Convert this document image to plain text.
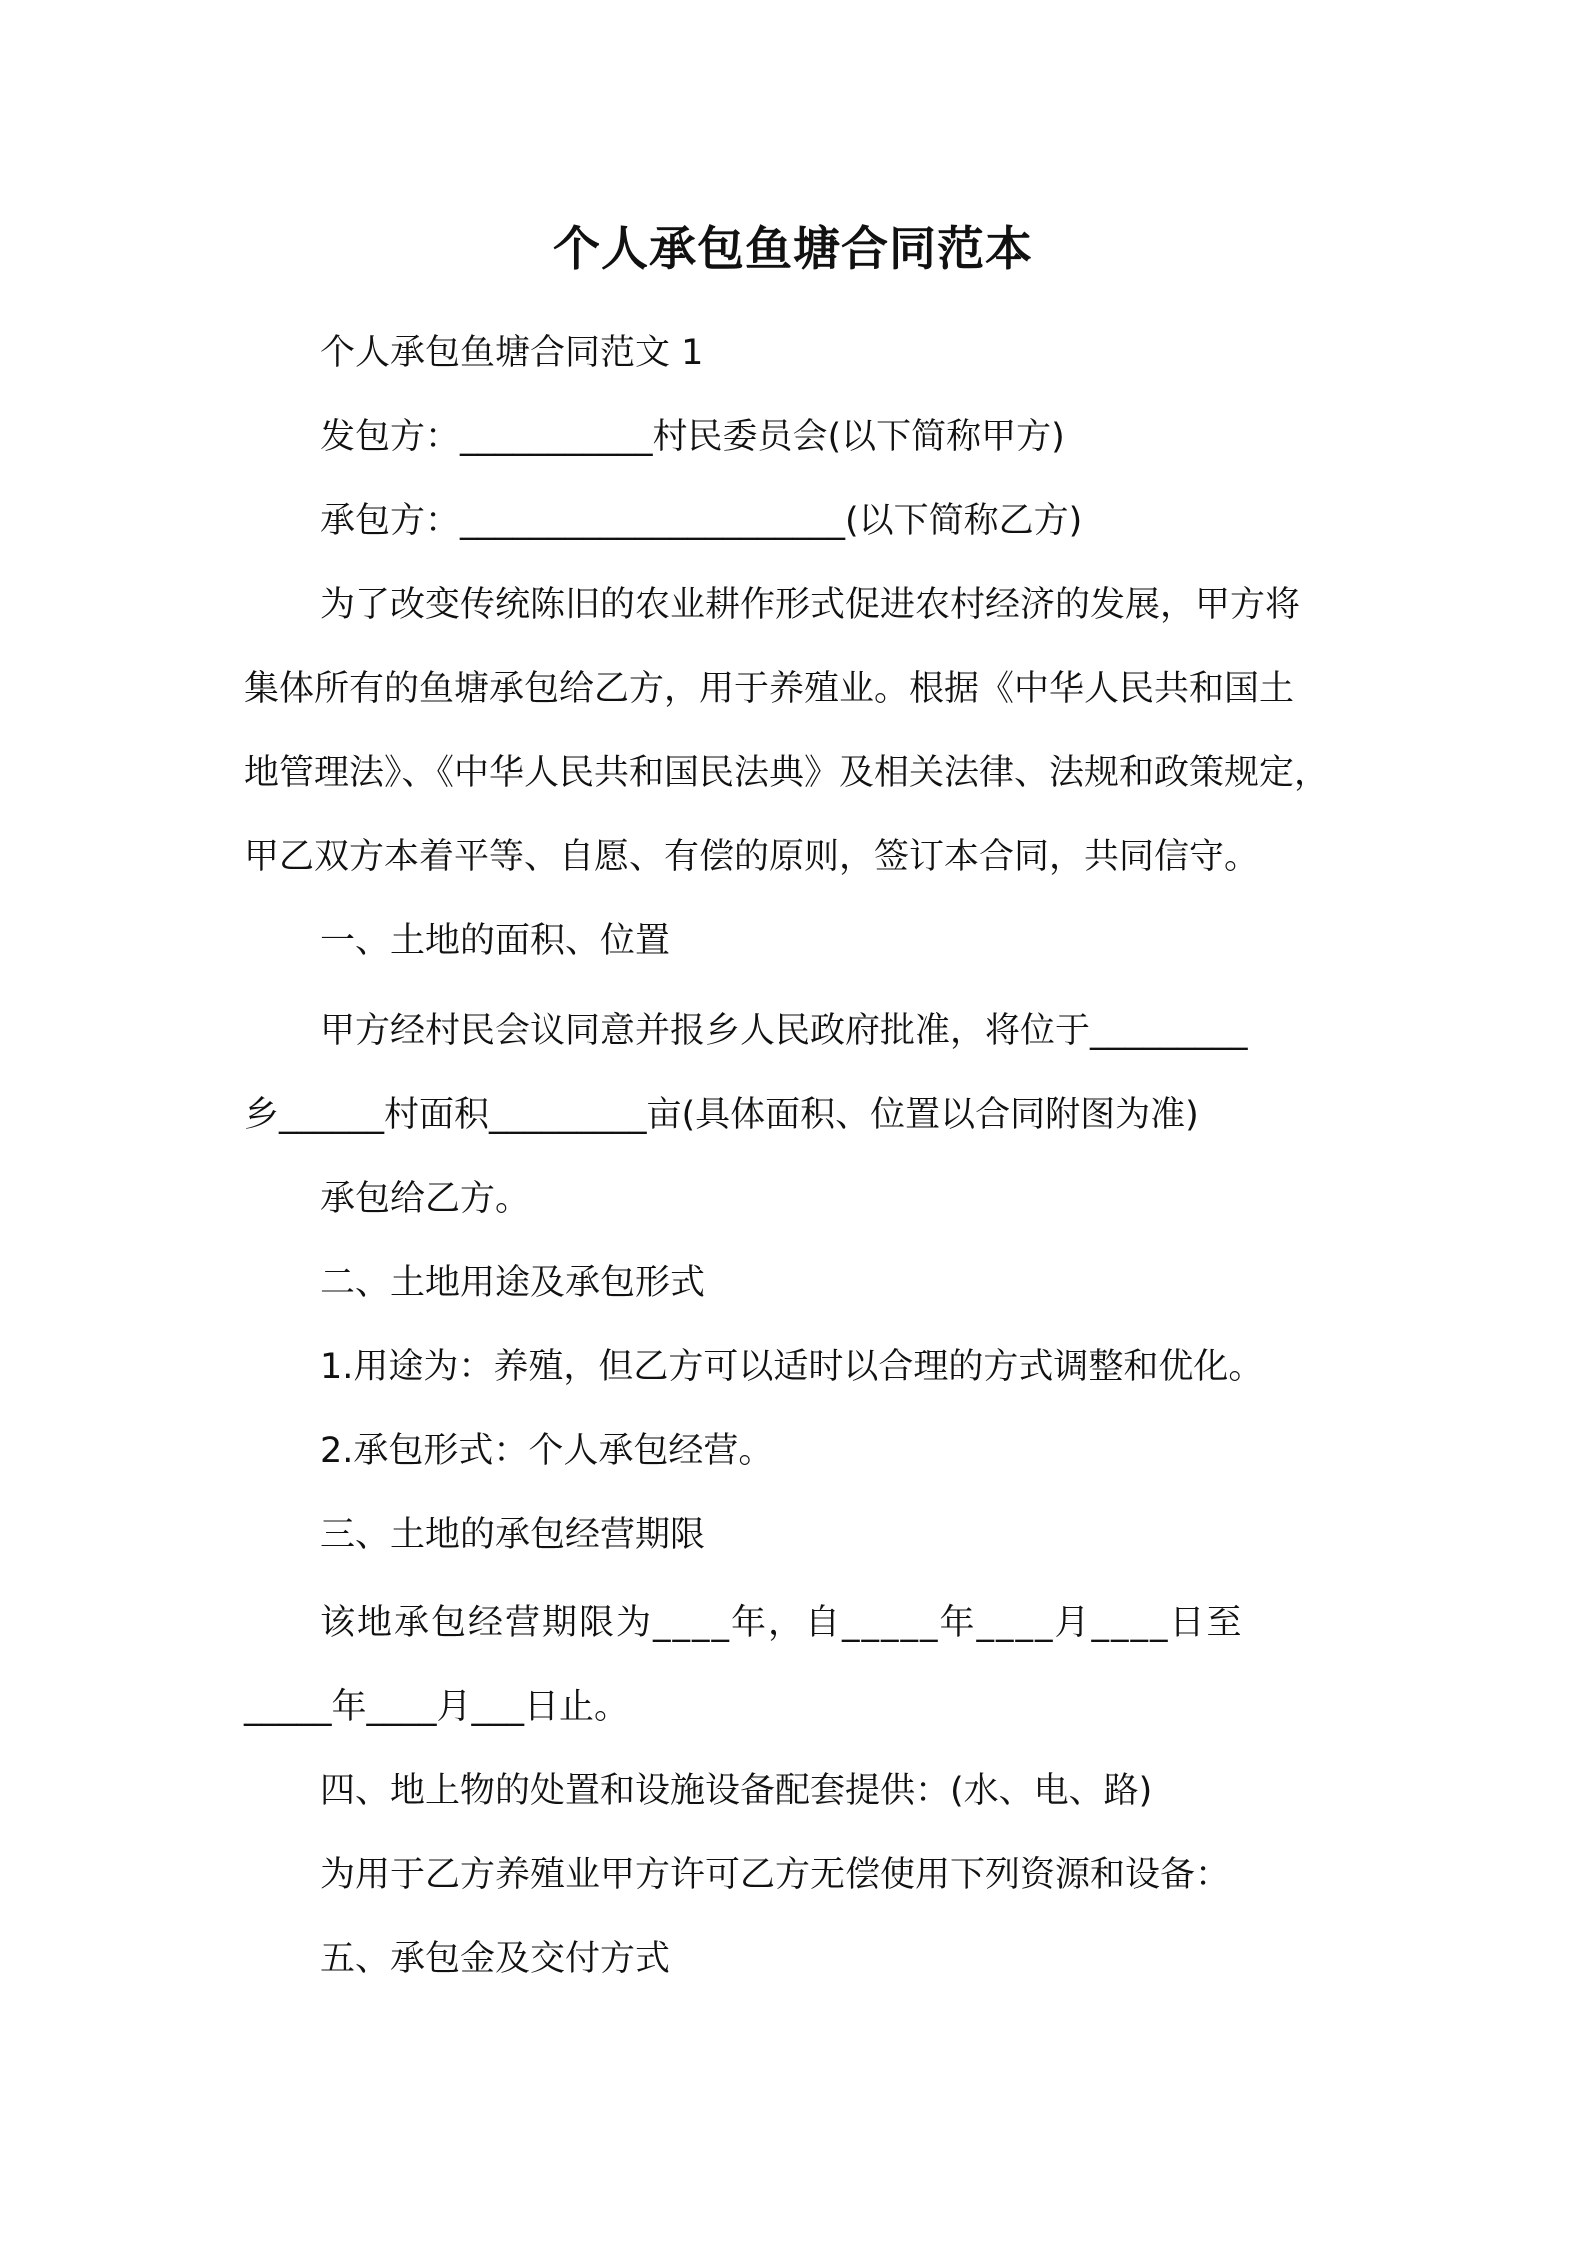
个人承包鱼塘合同范本
个人承包鱼塘合同范文 1
发包方：___________村民委员会(以下简称甲方)
承包方：______________________(以下简称乙方)
为了改变传统陈旧的农业耕作形式促进农村经济的发展，甲方将
集体所有的鱼塘承包给乙方，用于养殖业。根据《中华人民共和国土
地管理法》、《中华人民共和国民法典》及相关法律、法规和政策规定，
甲乙双方本着平等、自愿、有偿的原则，签订本合同，共同信守。
一、土地的面积、位置
甲方经村民会议同意并报乡人民政府批准，将位于_________
乡______村面积_________亩(具体面积、位置以合同附图为准)
承包给乙方。
二、土地用途及承包形式
1.用途为：养殖，但乙方可以适时以合理的方式调整和优化。
2.承包形式：个人承包经营。
三、土地的承包经营期限
该地承包经营期限为____年，自_____年____月____日至
_____年____月___日止。
四、地上物的处置和设施设备配套提供：(水、电、路)
为用于乙方养殖业甲方许可乙方无偿使用下列资源和设备：
五、承包金及交付方式
